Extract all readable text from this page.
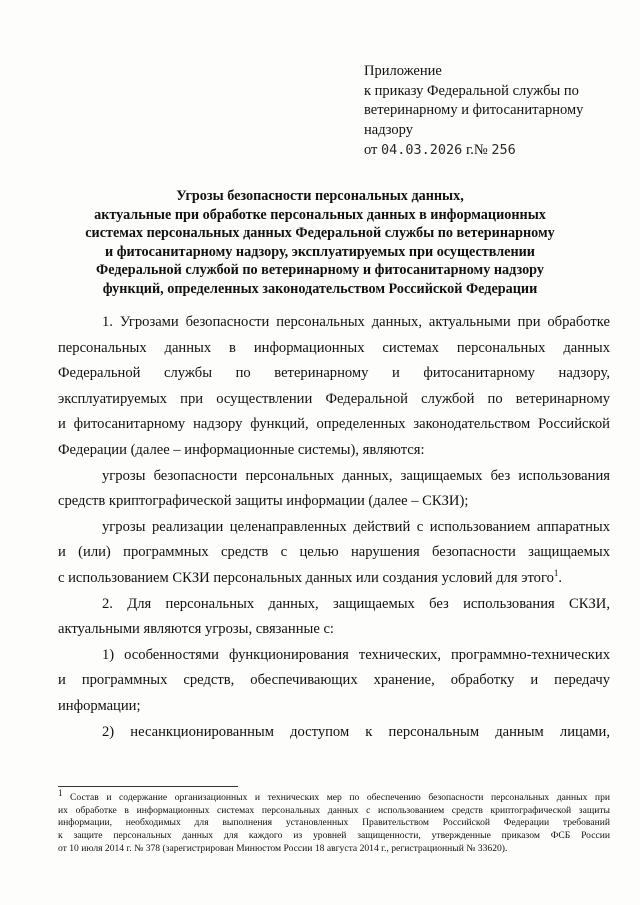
Приложение
к приказу Федеральной службы по
ветеринарному и фитосанитарному
надзору
от 04.03.2026 г.№ 256
Угрозы безопасности персональных данных,
актуальные при обработке персональных данных в информационных
системах персональных данных Федеральной службы по ветеринарному
и фитосанитарному надзору, эксплуатируемых при осуществлении
Федеральной службой по ветеринарному и фитосанитарному надзору
функций, определенных законодательством Российской Федерации
1. Угрозами безопасности персональных данных, актуальными при обработке
персональных данных в информационных системах персональных данных
Федеральной службы по ветеринарному и фитосанитарному надзору,
эксплуатируемых при осуществлении Федеральной службой по ветеринарному
и фитосанитарному надзору функций, определенных законодательством Российской
Федерации (далее – информационные системы), являются:
угрозы безопасности персональных данных, защищаемых без использования
средств криптографической защиты информации (далее – СКЗИ);
угрозы реализации целенаправленных действий с использованием аппаратных
и (или) программных средств с целью нарушения безопасности защищаемых
с использованием СКЗИ персональных данных или создания условий для этого$^1$.
2. Для персональных данных, защищаемых без использования СКЗИ,
актуальными являются угрозы, связанные с:
1) особенностями функционирования технических, программно-технических
и программных средств, обеспечивающих хранение, обработку и передачу
информации;
2) несанкционированным доступом к персональным данным лицами,
$^1$ Состав и содержание организационных и технических мер по обеспечению безопасности персональных данных при
их обработке в информационных системах персональных данных с использованием средств криптографической защиты
информации, необходимых для выполнения установленных Правительством Российской Федерации требований
к защите персональных данных для каждого из уровней защищенности, утвержденные приказом ФСБ России
от 10 июля 2014 г. № 378 (зарегистрирован Минюстом России 18 августа 2014 г., регистрационный № 33620).
